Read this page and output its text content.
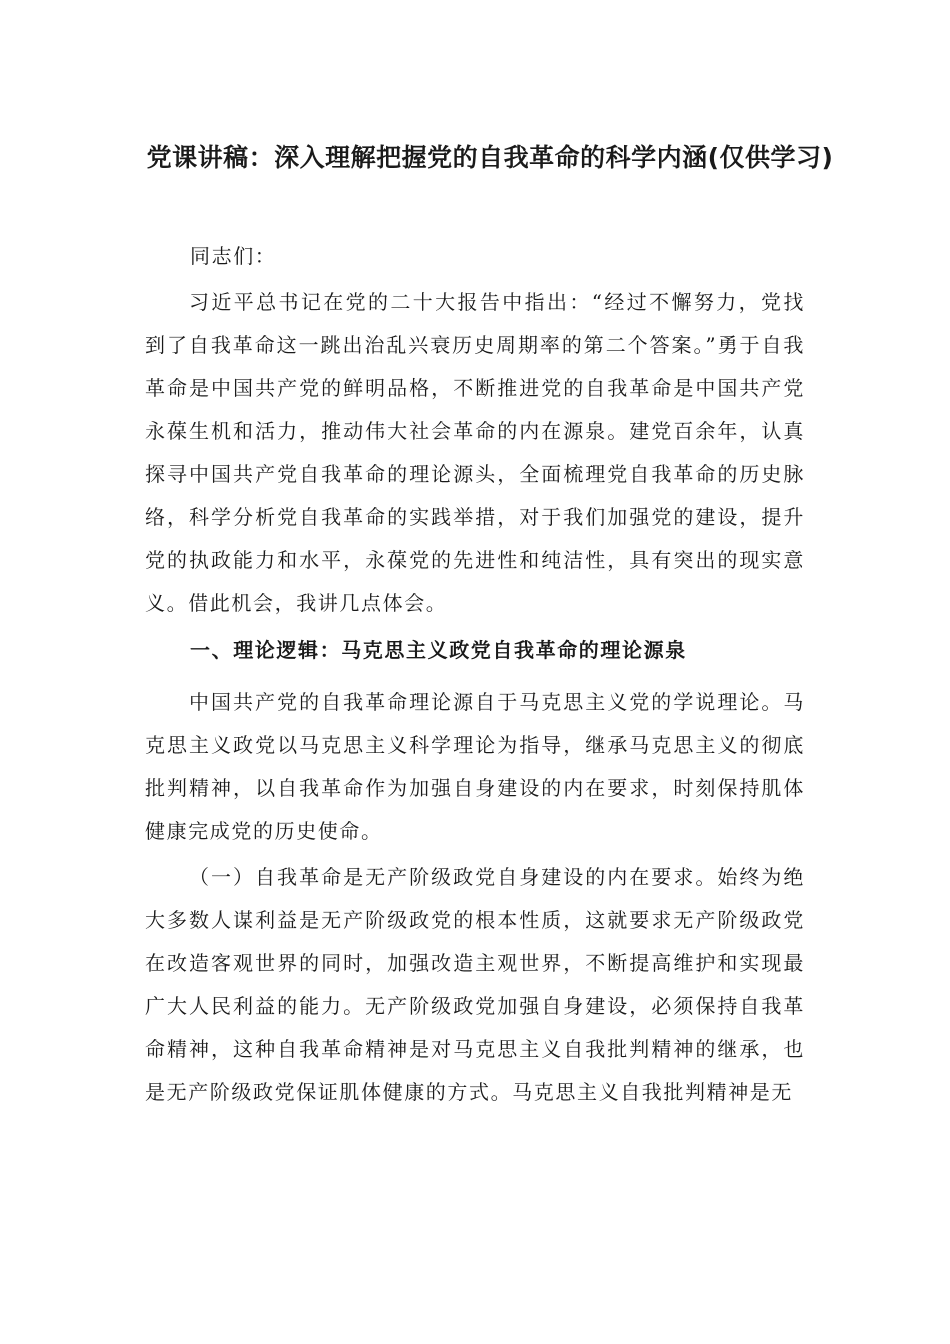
党课讲稿：深入理解把握党的自我革命的科学内涵(仅供学习)
同志们：
习近平总书记在党的二十大报告中指出：“经过不懈努力，党找到了自我革命这一跳出治乱兴衰历史周期率的第二个答案。”勇于自我革命是中国共产党的鲜明品格，不断推进党的自我革命是中国共产党永葆生机和活力，推动伟大社会革命的内在源泉。建党百余年，认真探寻中国共产党自我革命的理论源头，全面梳理党自我革命的历史脉络，科学分析党自我革命的实践举措，对于我们加强党的建设，提升党的执政能力和水平，永葆党的先进性和纯洁性，具有突出的现实意义。借此机会，我讲几点体会。
一、理论逻辑：马克思主义政党自我革命的理论源泉
中国共产党的自我革命理论源自于马克思主义党的学说理论。马克思主义政党以马克思主义科学理论为指导，继承马克思主义的彻底批判精神，以自我革命作为加强自身建设的内在要求，时刻保持肌体健康完成党的历史使命。
（一）自我革命是无产阶级政党自身建设的内在要求。始终为绝大多数人谋利益是无产阶级政党的根本性质，这就要求无产阶级政党在改造客观世界的同时，加强改造主观世界，不断提高维护和实现最广大人民利益的能力。无产阶级政党加强自身建设，必须保持自我革命精神，这种自我革命精神是对马克思主义自我批判精神的继承，也是无产阶级政党保证肌体健康的方式。马克思主义自我批判精神是无
